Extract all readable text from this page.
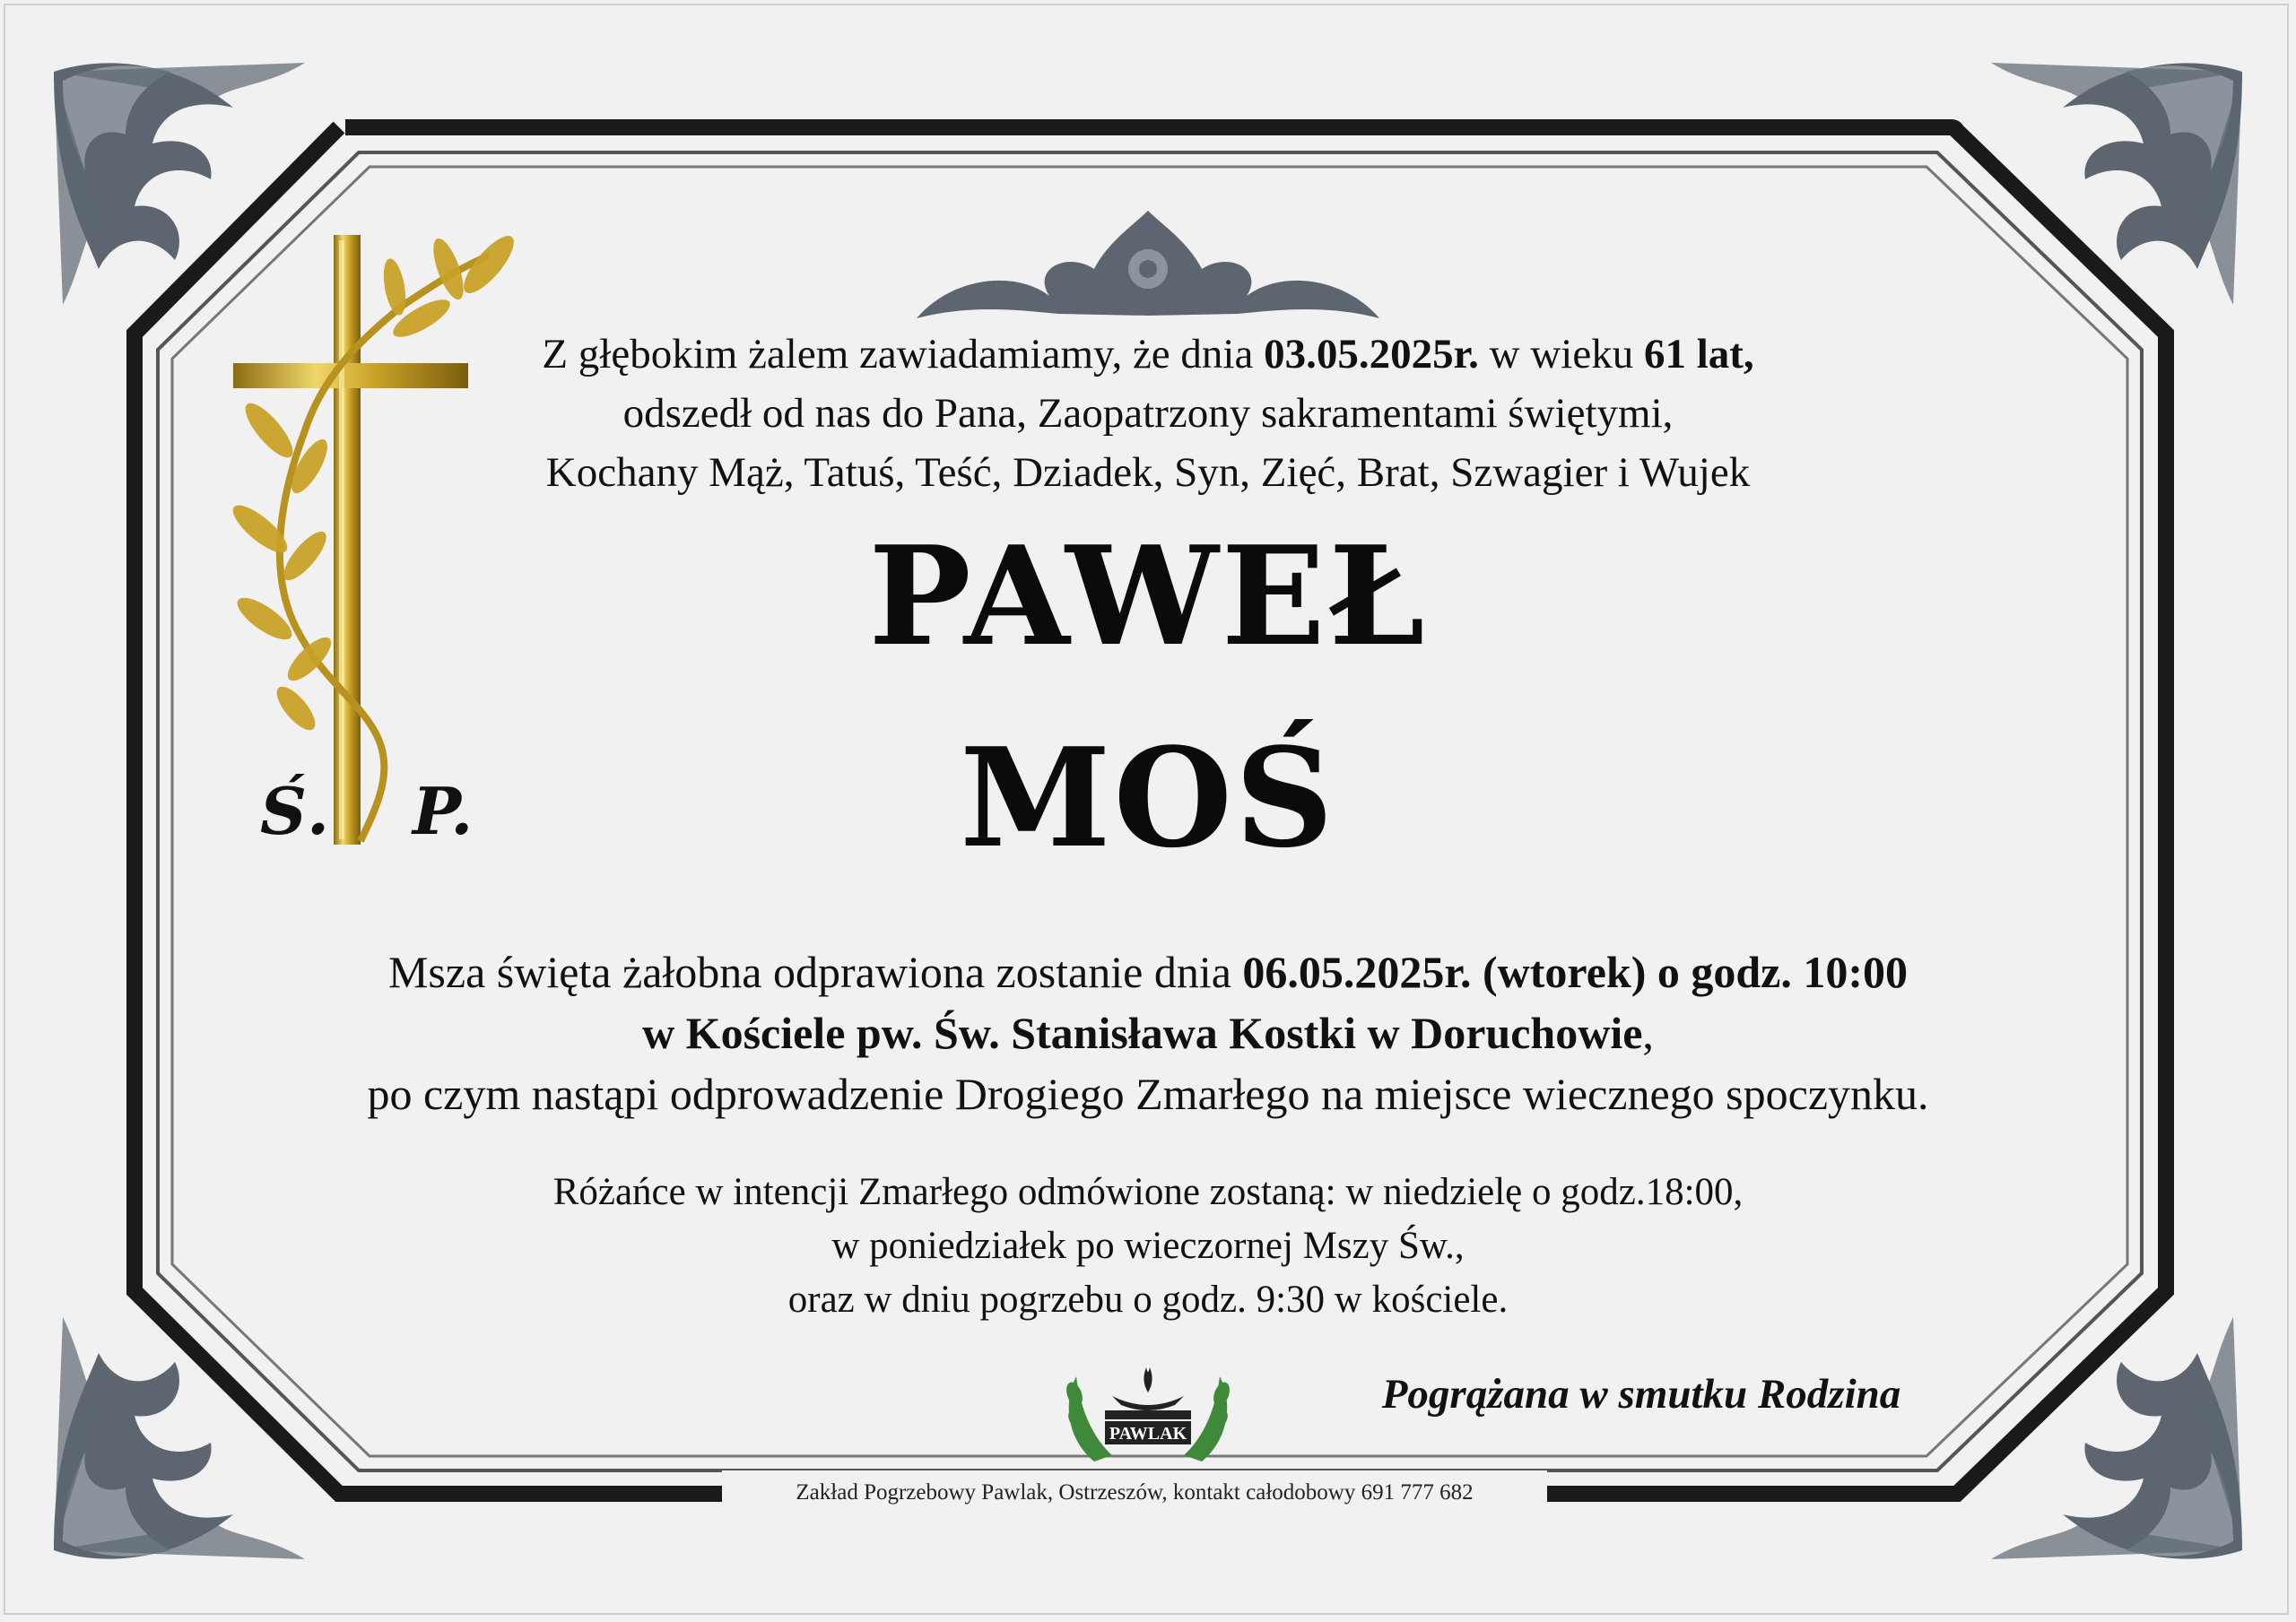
Ś. P.
Z głębokim żalem zawiadamiamy, że dnia 03.05.2025r. w wieku 61 lat,
odszedł od nas do Pana, Zaopatrzony sakramentami świętymi,
Kochany Mąż, Tatuś, Teść, Dziadek, Syn, Zięć, Brat, Szwagier i Wujek
PAWEŁ
MOŚ
Msza święta żałobna odprawiona zostanie dnia 06.05.2025r. (wtorek) o godz. 10:00
w Kościele pw. Św. Stanisława Kostki w Doruchowie,
po czym nastąpi odprowadzenie Drogiego Zmarłego na miejsce wiecznego spoczynku.
Różańce w intencji Zmarłego odmówione zostaną: w niedzielę o godz.18:00,
w poniedziałek po wieczornej Mszy Św.,
oraz w dniu pogrzebu o godz. 9:30 w kościele.
Pogrążana w smutku Rodzina
PAWLAK
Zakład Pogrzebowy Pawlak, Ostrzeszów, kontakt całodobowy 691 777 682
